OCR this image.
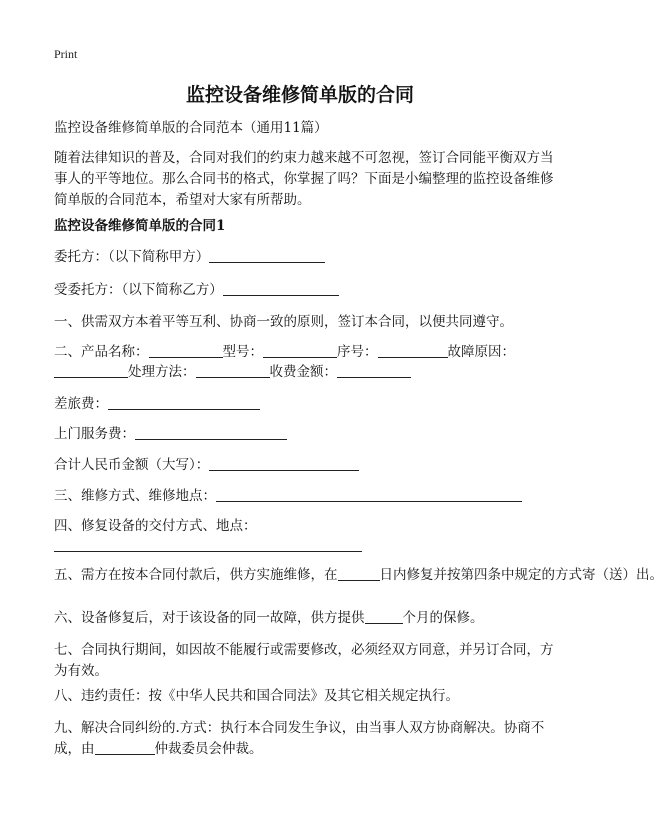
Print
监控设备维修简单版的合同
监控设备维修简单版的合同范本（通用11篇）
随着法律知识的普及，合同对我们的约束力越来越不可忽视，签订合同能平衡双方当事人的平等地位。那么合同书的格式，你掌握了吗？下面是小编整理的监控设备维修简单版的合同范本，希望对大家有所帮助。
监控设备维修简单版的合同1
委托方：（以下简称甲方）
受委托方：（以下简称乙方）
一、供需双方本着平等互利、协商一致的原则，签订本合同，以便共同遵守。
二、产品名称：	型号：	序号：	故障原因：
处理方法：	收费金额：
差旅费：
上门服务费：
合计人民币金额（大写）：
三、维修方式、维修地点：
四、修复设备的交付方式、地点：
五、需方在按本合同付款后，供方实施维修，在	日内修复并按第四条中规定的方式寄（送）出。
六、设备修复后，对于该设备的同一故障，供方提供	个月的保修。
七、合同执行期间，如因故不能履行或需要修改，必须经双方同意，并另订合同，方为有效。
八、违约责任：按《中华人民共和国合同法》及其它相关规定执行。
九、解决合同纠纷的.方式：执行本合同发生争议，由当事人双方协商解决。协商不成，由	仲裁委员会仲裁。
